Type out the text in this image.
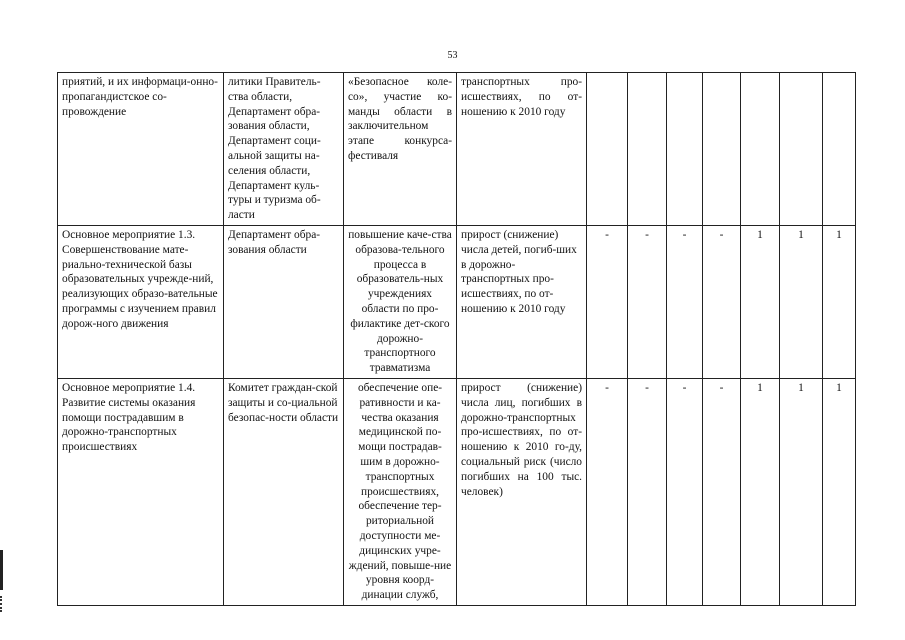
53
приятий, и их информаци-онно-пропагандистское со-провождение	литики Правитель-ства области, Департамент обра-зования области, Департамент соци-альной защиты на-селения области, Департамент куль-туры и туризма об-ласти	«Безопасное коле-со», участие ко-манды области в заключительном этапе конкурса-фестиваля	транспортных про-исшествиях, по от-ношению к 2010 году							
Основное мероприятие 1.3. Совершенствование мате-риально-технической базы образовательных учрежде-ний, реализующих образо-вательные программы с изучением правил дорож-ного движения	Департамент обра-зования области	повышение каче-ства образова-тельного процесса в образователь-ных учреждениях области по про-филактике дет-ского дорожно-транспортного травматизма	прирост (снижение) числа детей, погиб-ших в дорожно-транспортных про-исшествиях, по от-ношению к 2010 году	-	-	-	-	1	1	1
Основное мероприятие 1.4. Развитие системы оказания помощи пострадавшим в дорожно-транспортных происшествиях	Комитет граждан-ской защиты и со-циальной безопас-ности области	обеспечение опе-ративности и ка-чества оказания медицинской по-мощи пострадав-шим в дорожно-транспортных происшествиях, обеспечение тер-риториальной доступности ме-дицинских учре-ждений, повыше-ние уровня коорд-динации служб,	прирост (снижение) числа лиц, погибших в дорожно-транспортных про-исшествиях, по от-ношению к 2010 го-ду, социальный риск (число погибших на 100 тыс. человек)	-	-	-	-	1	1	1
